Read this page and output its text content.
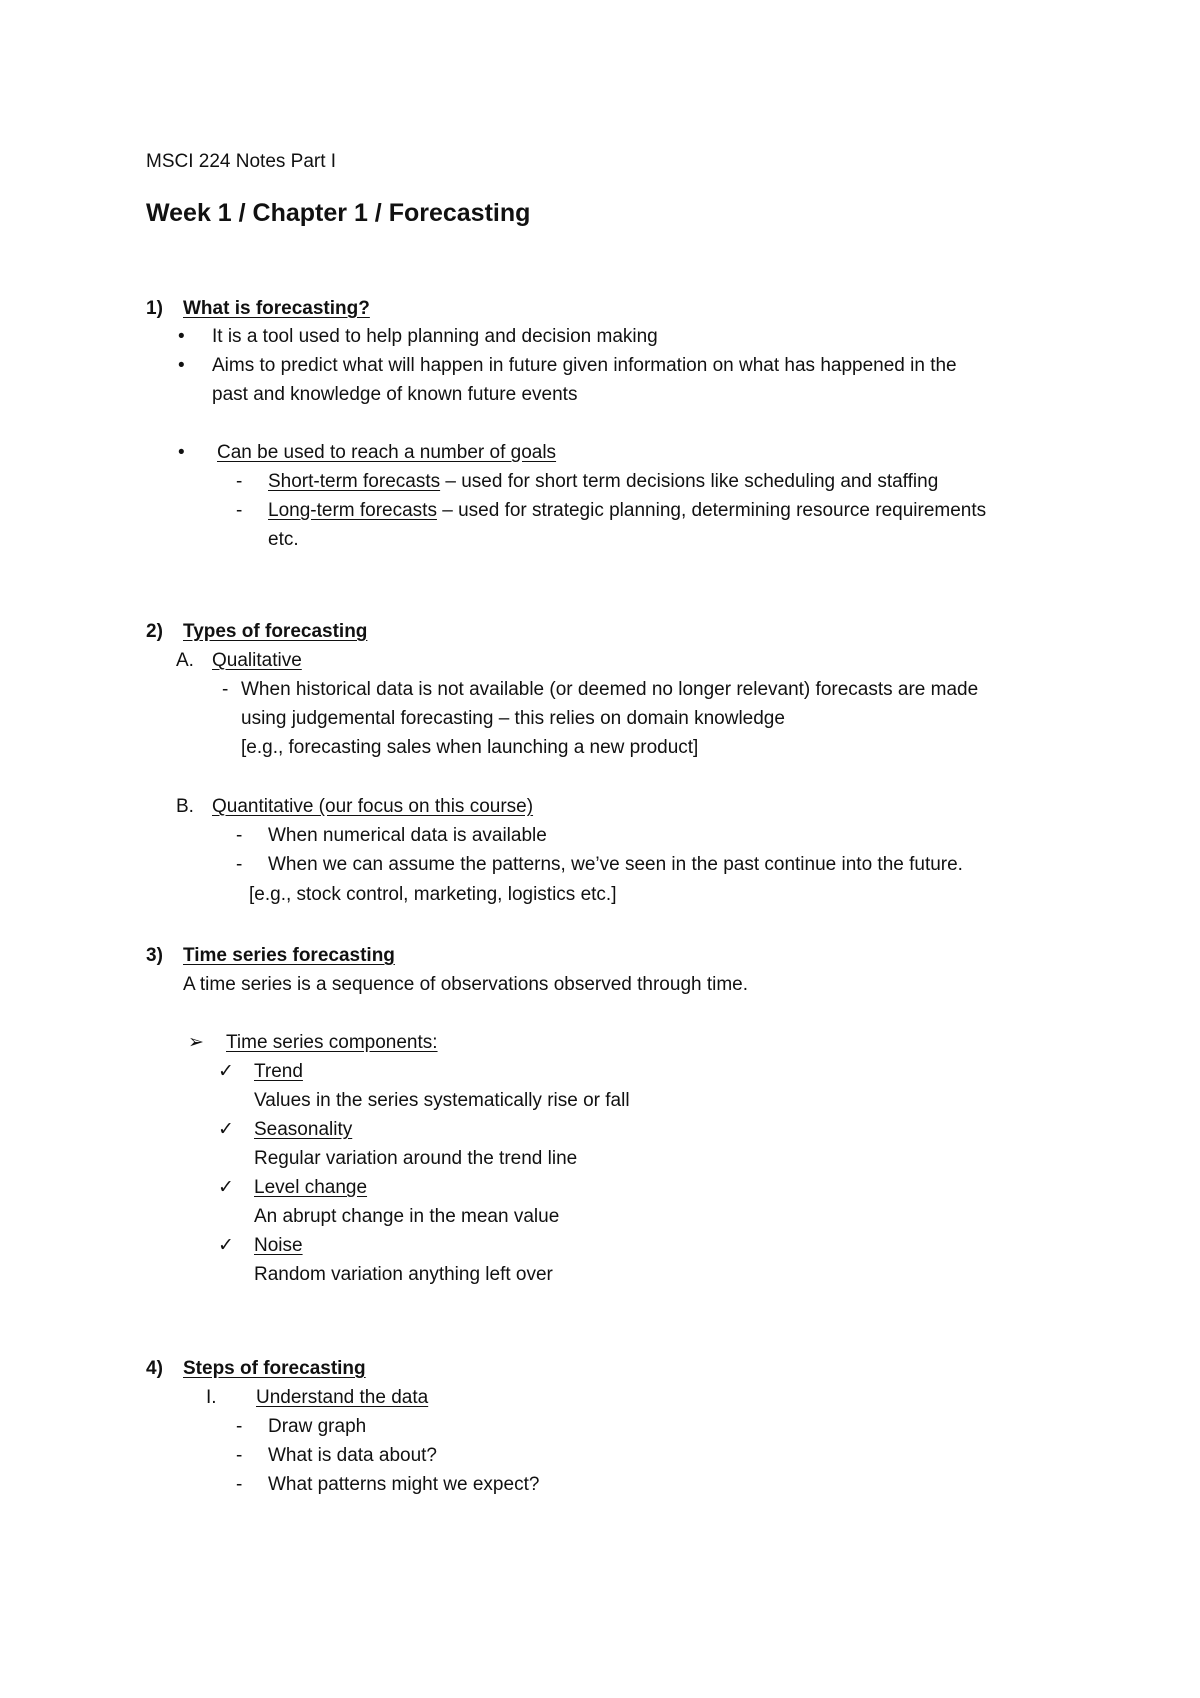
MSCI 224 Notes Part I
Week 1 / Chapter 1 / Forecasting
1) What is forecasting?
• It is a tool used to help planning and decision making
• Aims to predict what will happen in future given information on what has happened in the
past and knowledge of known future events
• Can be used to reach a number of goals
- Short-term forecasts – used for short term decisions like scheduling and staffing
- Long-term forecasts – used for strategic planning, determining resource requirements
etc.
2) Types of forecasting
A. Qualitative
- When historical data is not available (or deemed no longer relevant) forecasts are made
using judgemental forecasting – this relies on domain knowledge
[e.g., forecasting sales when launching a new product]
B. Quantitative (our focus on this course)
- When numerical data is available
- When we can assume the patterns, we’ve seen in the past continue into the future.
[e.g., stock control, marketing, logistics etc.]
3) Time series forecasting
A time series is a sequence of observations observed through time.
➢ Time series components:
✓ Trend
Values in the series systematically rise or fall
✓ Seasonality
Regular variation around the trend line
✓ Level change
An abrupt change in the mean value
✓ Noise
Random variation anything left over
4) Steps of forecasting
I. Understand the data
- Draw graph
- What is data about?
- What patterns might we expect?
